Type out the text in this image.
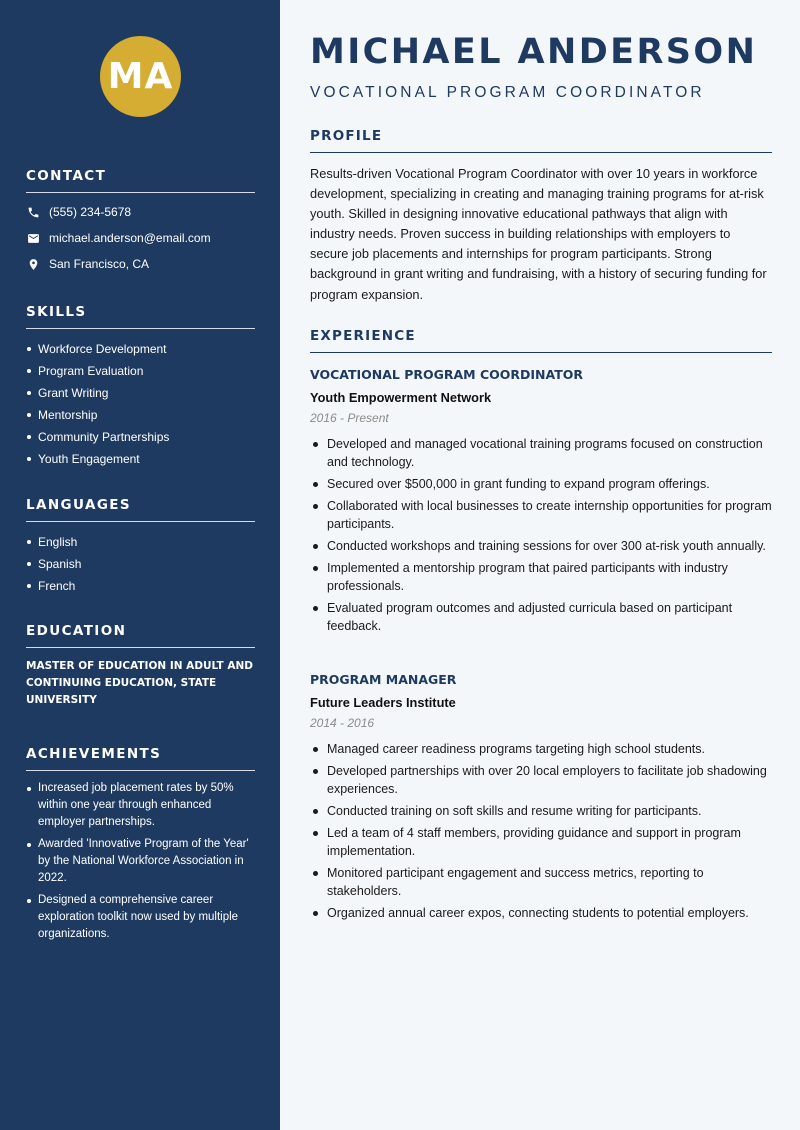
MA
CONTACT
(555) 234-5678
michael.anderson@email.com
San Francisco, CA
SKILLS
Workforce Development
Program Evaluation
Grant Writing
Mentorship
Community Partnerships
Youth Engagement
LANGUAGES
English
Spanish
French
EDUCATION
MASTER OF EDUCATION IN ADULT AND CONTINUING EDUCATION, STATE UNIVERSITY
ACHIEVEMENTS
Increased job placement rates by 50% within one year through enhanced employer partnerships.
Awarded 'Innovative Program of the Year' by the National Workforce Association in 2022.
Designed a comprehensive career exploration toolkit now used by multiple organizations.
MICHAEL ANDERSON
VOCATIONAL PROGRAM COORDINATOR
PROFILE

Results-driven Vocational Program Coordinator with over 10 years in workforce development, specializing in creating and managing training programs for at-risk youth. Skilled in designing innovative educational pathways that align with industry needs. Proven success in building relationships with employers to secure job placements and internships for program participants. Strong background in grant writing and fundraising, with a history of securing funding for program expansion.

EXPERIENCE
VOCATIONAL PROGRAM COORDINATOR
Youth Empowerment Network
2016 - Present
Developed and managed vocational training programs focused on construction and technology.
Secured over $500,000 in grant funding to expand program offerings.
Collaborated with local businesses to create internship opportunities for program participants.
Conducted workshops and training sessions for over 300 at-risk youth annually.
Implemented a mentorship program that paired participants with industry professionals.
Evaluated program outcomes and adjusted curricula based on participant feedback.
PROGRAM MANAGER
Future Leaders Institute
2014 - 2016
Managed career readiness programs targeting high school students.
Developed partnerships with over 20 local employers to facilitate job shadowing experiences.
Conducted training on soft skills and resume writing for participants.
Led a team of 4 staff members, providing guidance and support in program implementation.
Monitored participant engagement and success metrics, reporting to stakeholders.
Organized annual career expos, connecting students to potential employers.
